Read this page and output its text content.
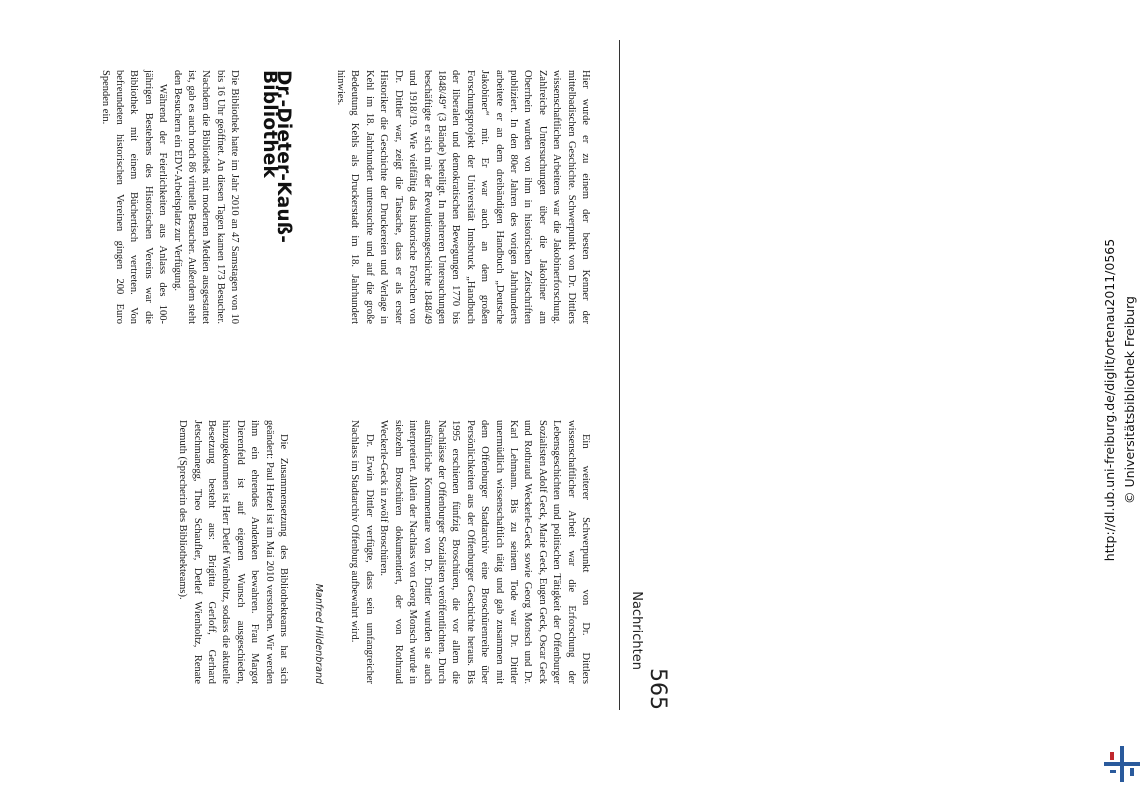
565
Nachrichten

Hier wurde er zu einem der besten Kenner der mittelbadischen Geschichte. Schwerpunkt von Dr. Dittlers wissenschaftlichen Arbeitens war die Jakobinerforschung. Zahlreiche Untersuchungen über die Jakobiner am Oberrhein wurden von ihm in historischen Zeitschriften publiziert. In den 80er Jahren des vorigen Jahrhunderts arbeitete er an dem dreibändigen Handbuch „Deutsche Jakobiner“ mit. Er war auch an dem großen Forschungsprojekt der Universität Innsbruck „Handbuch der liberalen und demokratischen Bewegungen 1770 bis 1848/49“ (3 Bände) beteiligt. In mehreren Untersuchungen beschäftigte er sich mit der Revolutionsgeschichte 1848/49 und 1918/19. Wie vielfältig das historische Forschen von Dr. Dittler war, zeigt die Tatsache, dass er als erster Historiker die Geschichte der Druckereien und Verlage in Kehl im 18. Jahrhundert untersuchte und auf die große Bedeutung Kehls als Druckerstadt im 18. Jahrhundert hinwies.

Ein weiterer Schwerpunkt von Dr. Dittlers wissenschaftlicher Arbeit war die Erforschung der Lebensgeschichten und politischen Tätigkeit der Offenburger Sozialisten Adolf Geck, Marie Geck, Eugen Geck, Oscar Geck und Rothraud Weckerle-Geck sowie Georg Monsch und Dr. Karl Lehmann. Bis zu seinem Tode war Dr. Dittler unermüdlich wissenschaftlich tätig und gab zusammen mit dem Offenburger Stadtarchiv eine Broschürenreihe über Persönlichkeiten aus der Offenburger Geschichte heraus. Bis 1995 erschienen fünfzig Broschüren, die vor allem die Nachlässe der Offenburger Sozialisten veröffentlichten. Durch ausführliche Kommentare von Dr. Dittler wurden sie auch interpretiert. Allein der Nachlass von Georg Monsch wurde in siebzehn Broschüren dokumentiert, der von Rothraud Weckerle-Geck in zwölf Broschüren.

Dr. Erwin Dittler verfügte, dass sein umfangreicher Nachlass im Stadtarchiv Offenburg aufbewahrt wird.

Manfred Hildenbrand
Dr.-Dieter-Kauß-Bibliothek

Die Bibliothek hatte im Jahr 2010 an 47 Samstagen von 10 bis 16 Uhr geöffnet. An diesen Tagen kamen 173 Besucher. Nachdem die Bibliothek mit modernen Medien ausgestattet ist, gab es auch noch 86 virtuelle Besucher. Außerdem steht den Besuchern ein EDV-Arbeitsplatz zur Verfügung.

Während der Feierlichkeiten aus Anlass des 100-jährigen Bestehens des Historischen Vereins war die Bibliothek mit einem Büchertisch vertreten. Von befreundeten historischen Vereinen gingen 200 Euro Spenden ein.

Die Zusammensetzung des Bibliothekteams hat sich geändert: Paul Hetzel ist im Mai 2010 verstorben. Wir werden ihm ein ehrendes Andenken bewahren. Frau Margot Dierenfeld ist auf eigenen Wunsch ausgeschieden, hinzugekommen ist Herr Detlef Wienholtz, sodass die aktuelle Besetzung besteht aus: Brigitta Gerloff, Gerhard Jetschmanegg, Theo Schaufler, Detlef Wienholtz, Renate Demuth (Sprecherin des Bibliothekteams).	http://dl.ub.uni-freiburg.de/diglit/ortenau2011/0565 © Universitätsbibliothek Freiburg
